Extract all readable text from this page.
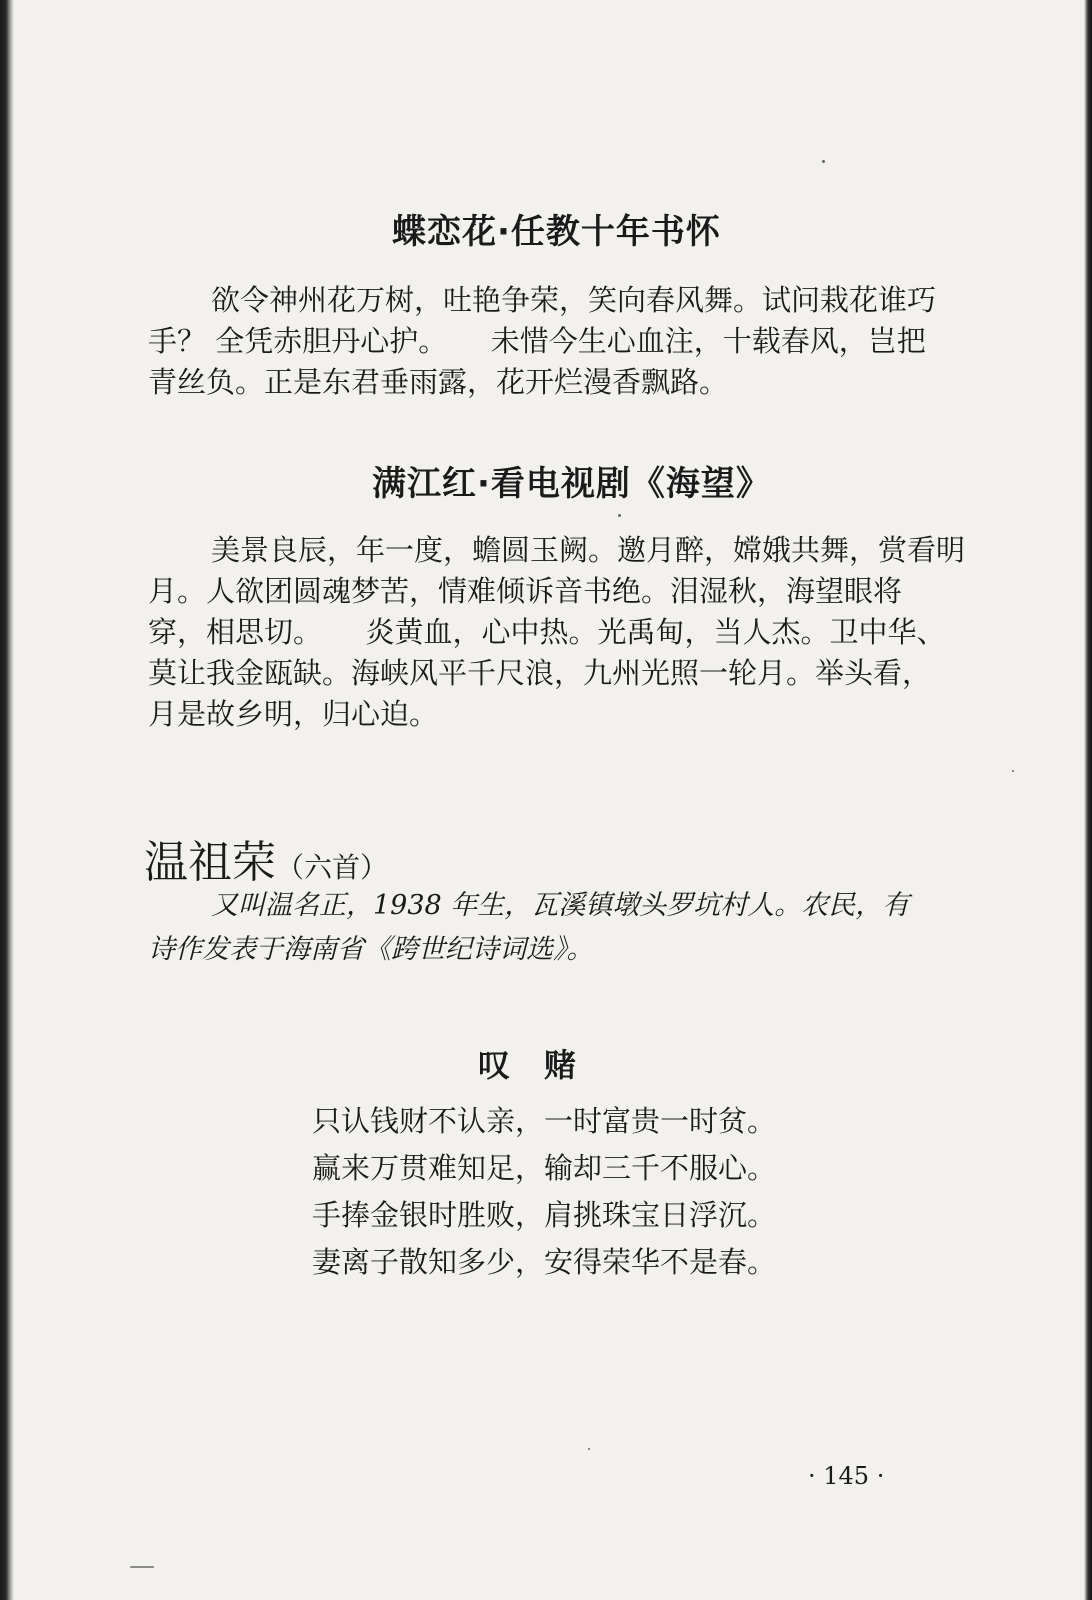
蝶恋花·任教十年书怀
欲令神州花万树，吐艳争荣，笑向春风舞。试问栽花谁巧
手？ 全凭赤胆丹心护。　　未惜今生心血注，十载春风，岂把
青丝负。正是东君垂雨露，花开烂漫香飘路。
满江红·看电视剧《海望》
美景良辰，年一度，蟾圆玉阙。邀月醉，嫦娥共舞，赏看明
月。人欲团圆魂梦苦，情难倾诉音书绝。泪湿秋，海望眼将
穿，相思切。　　炎黄血，心中热。光禹甸，当人杰。卫中华、
莫让我金瓯缺。海峡风平千尺浪，九州光照一轮月。举头看，
月是故乡明，归心迫。
温祖荣（六首）
又叫温名正，1938 年生，瓦溪镇墩头罗坑村人。农民，有
诗作发表于海南省《跨世纪诗词选》。
叹　赌
只认钱财不认亲，一时富贵一时贫。
赢来万贯难知足，输却三千不服心。
手捧金银时胜败，肩挑珠宝日浮沉。
妻离子散知多少，安得荣华不是春。
· 145 ·
